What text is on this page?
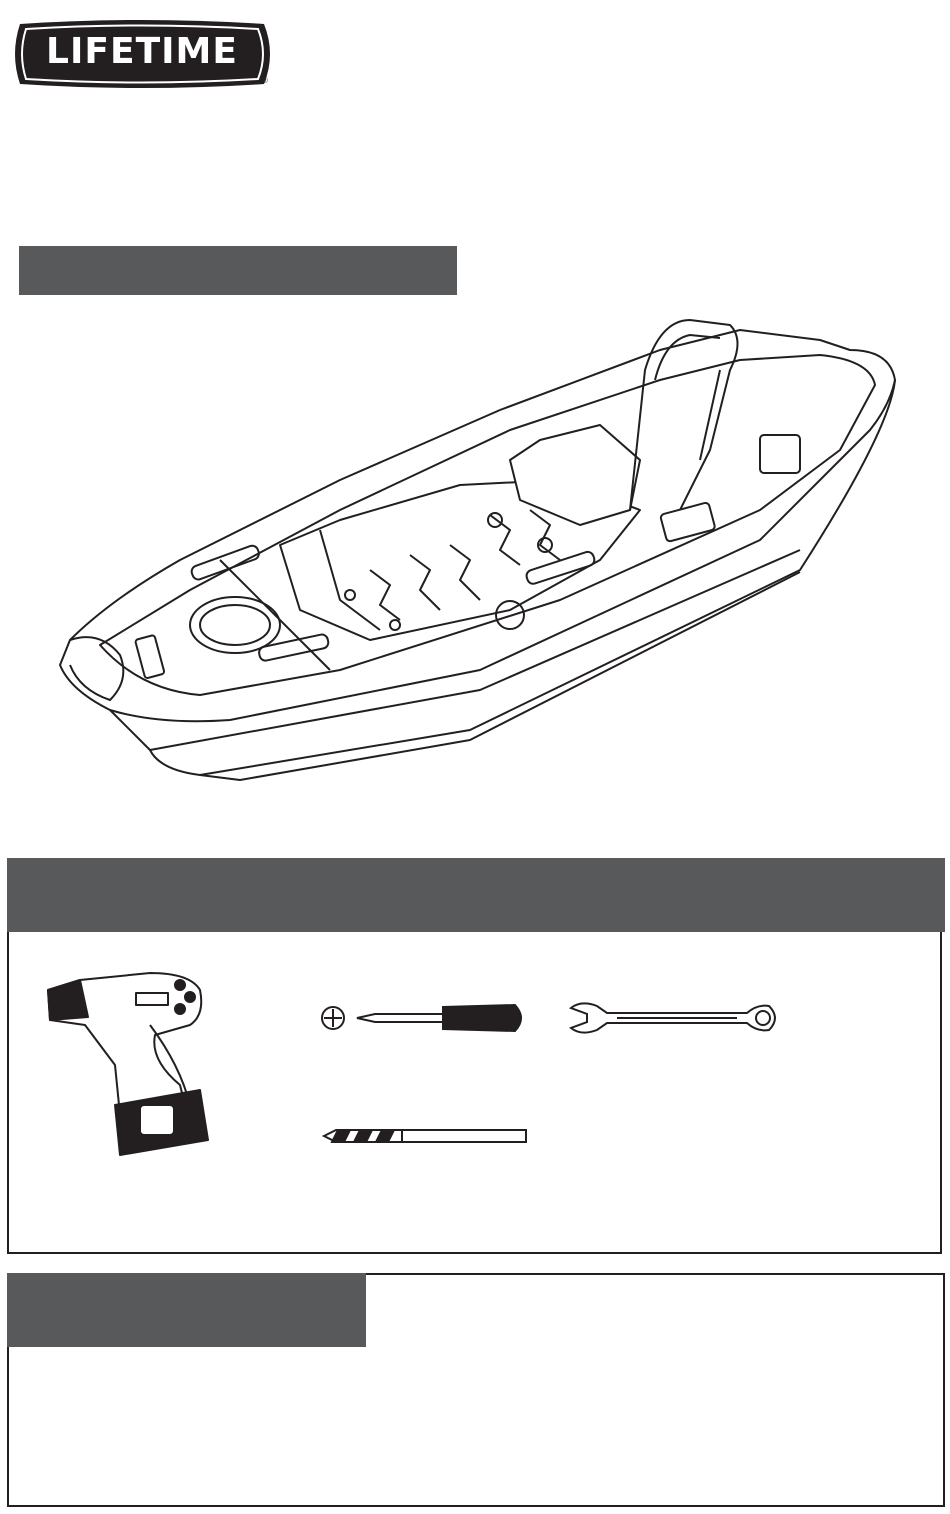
LIFETIME
®
